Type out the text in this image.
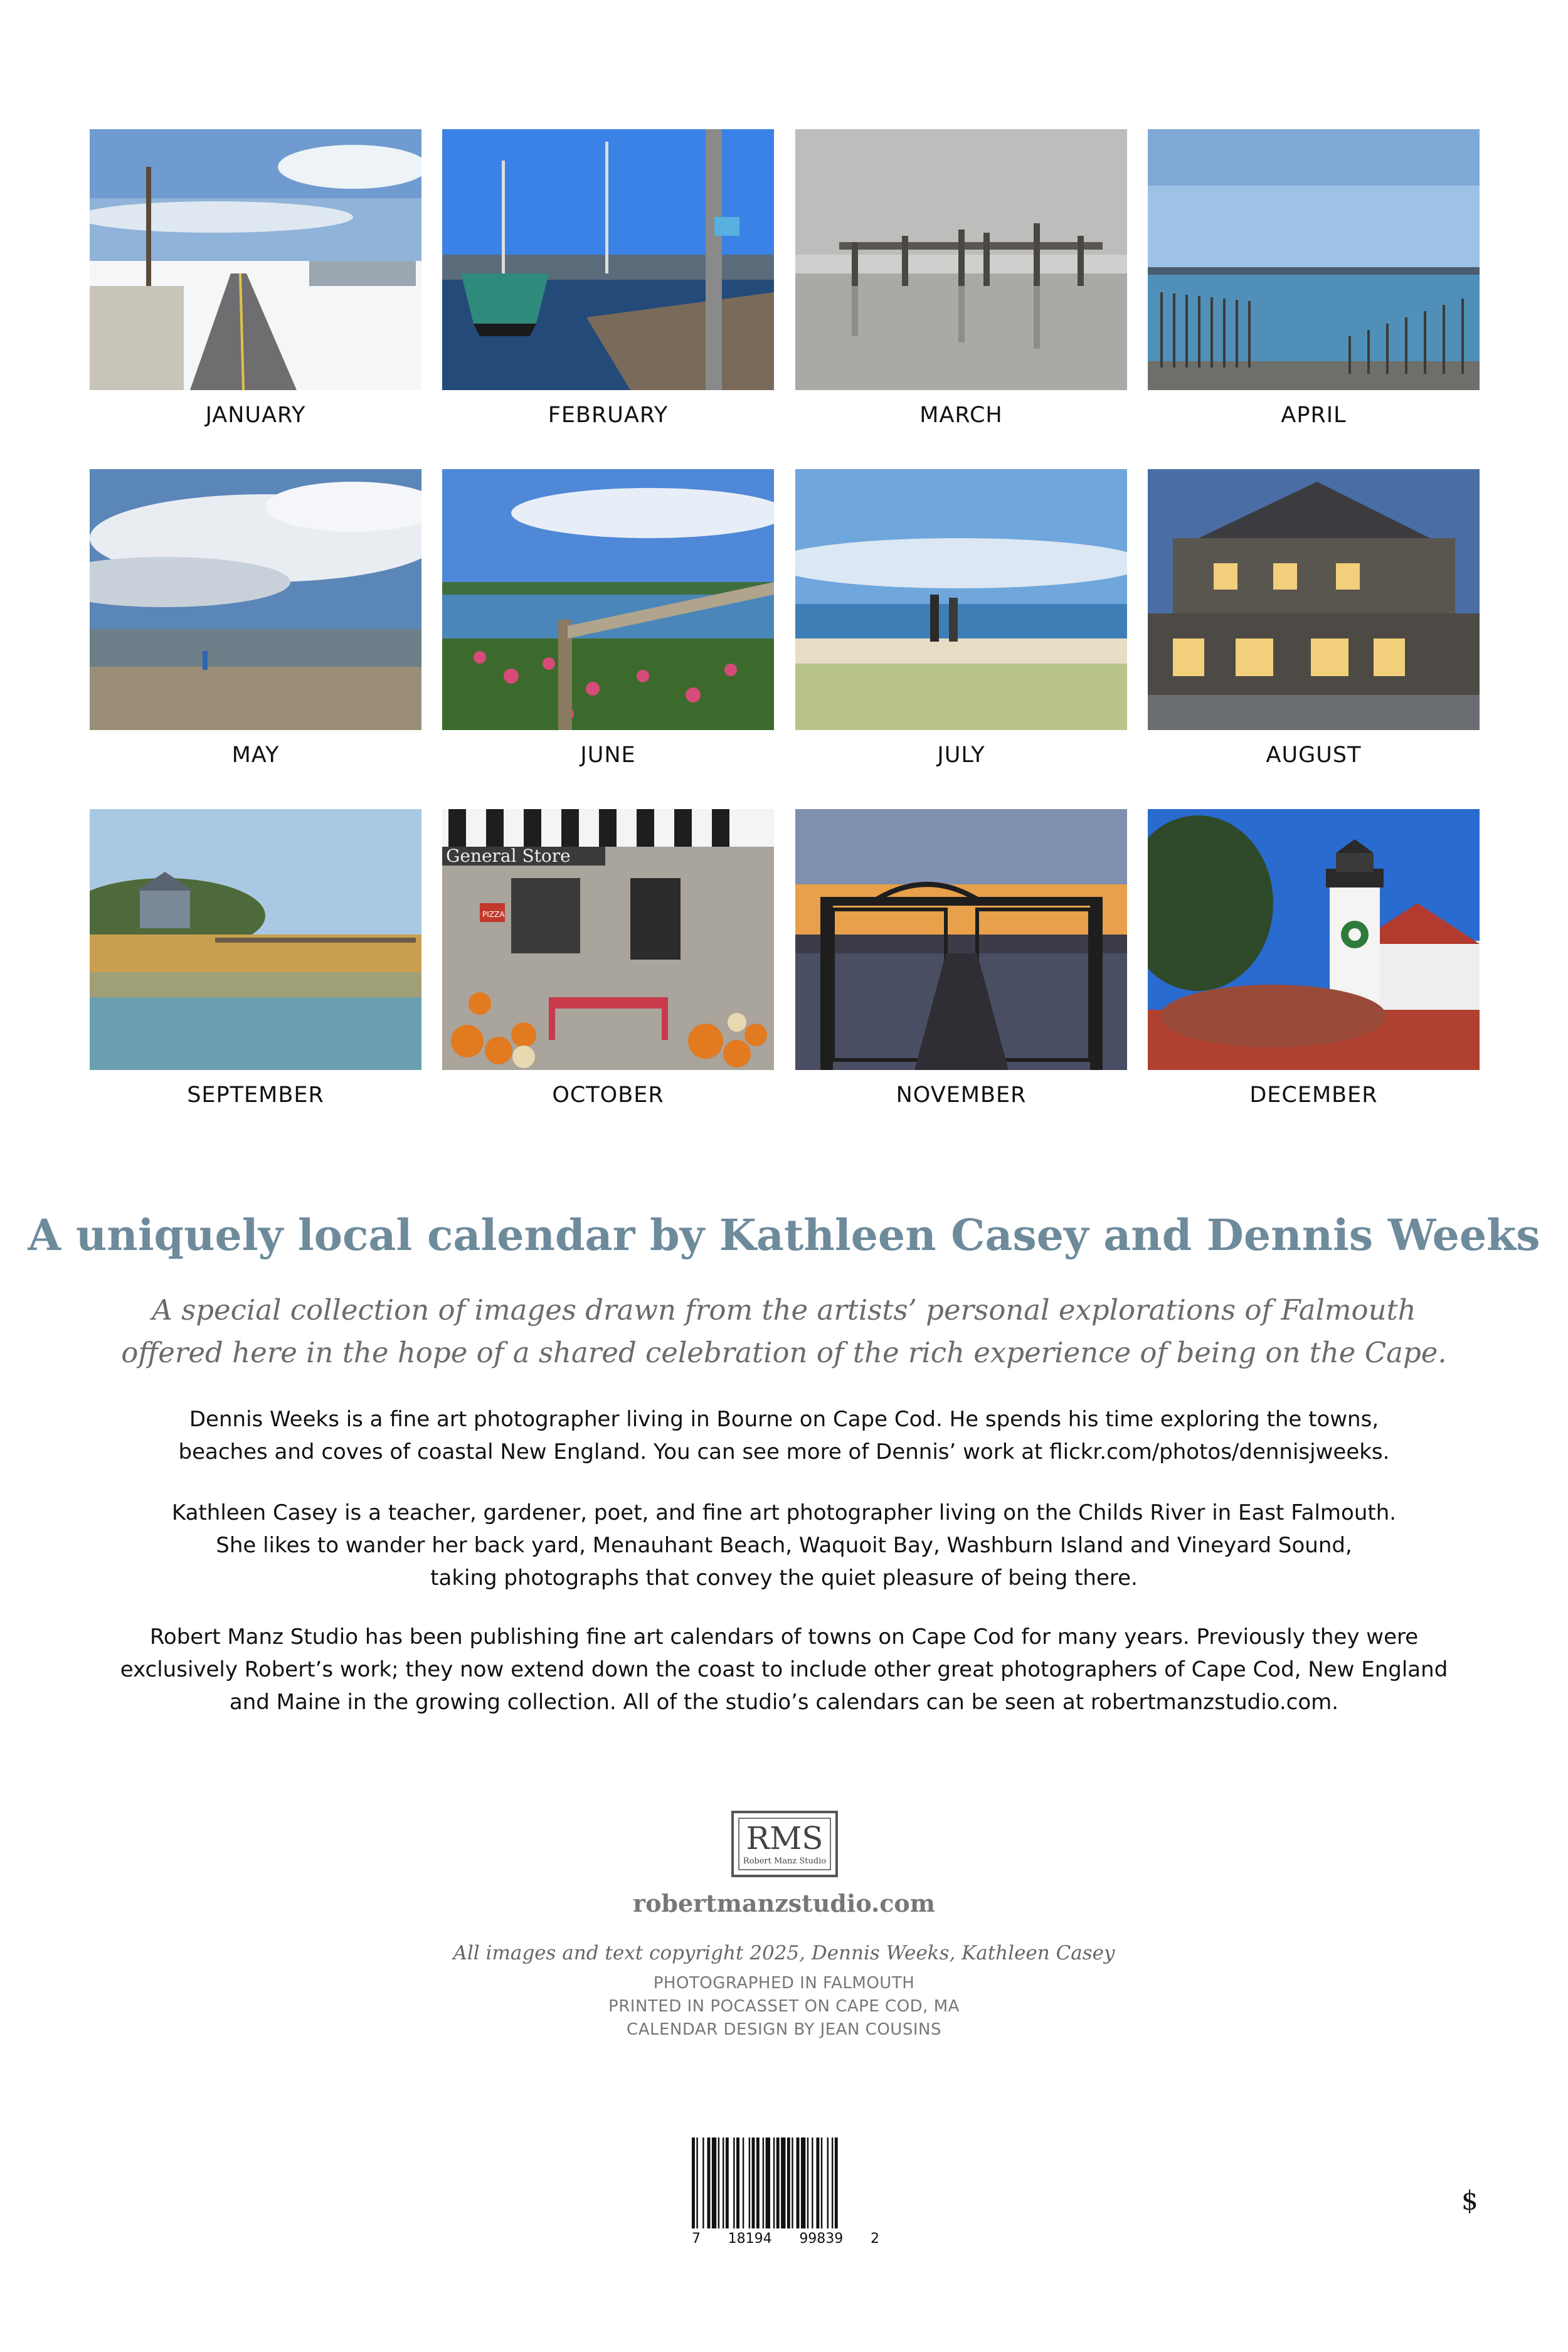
JANUARY	FEBRUARY	MARCH	APRIL
MAY	JUNE	JULY	AUGUST
SEPTEMBER
General Store
PIZZA
OCTOBER	NOVEMBER	DECEMBER
A uniquely local calendar by Kathleen Casey and Dennis Weeks
A special collection of images drawn from the artists’ personal explorations of Falmouth
offered here in the hope of a shared celebration of the rich experience of being on the Cape.
Dennis Weeks is a fine art photographer living in Bourne on Cape Cod. He spends his time exploring the towns,
beaches and coves of coastal New England. You can see more of Dennis’ work at flickr.com/photos/dennisjweeks.
Kathleen Casey is a teacher, gardener, poet, and fine art photographer living on the Childs River in East Falmouth.
She likes to wander her back yard, Menauhant Beach, Waquoit Bay, Washburn Island and Vineyard Sound,
taking photographs that convey the quiet pleasure of being there.
Robert Manz Studio has been publishing fine art calendars of towns on Cape Cod for many years. Previously they were
exclusively Robert’s work; they now extend down the coast to include other great photographers of Cape Cod, New England
and Maine in the growing collection. All of the studio’s calendars can be seen at robertmanzstudio.com.
RMS
Robert Manz Studio
robertmanzstudio.com
All images and text copyright 2025, Dennis Weeks, Kathleen Casey
PHOTOGRAPHED IN FALMOUTH
PRINTED IN POCASSET ON CAPE COD, MA
CALENDAR DESIGN BY JEAN COUSINS
7 18194 99839 2
$
